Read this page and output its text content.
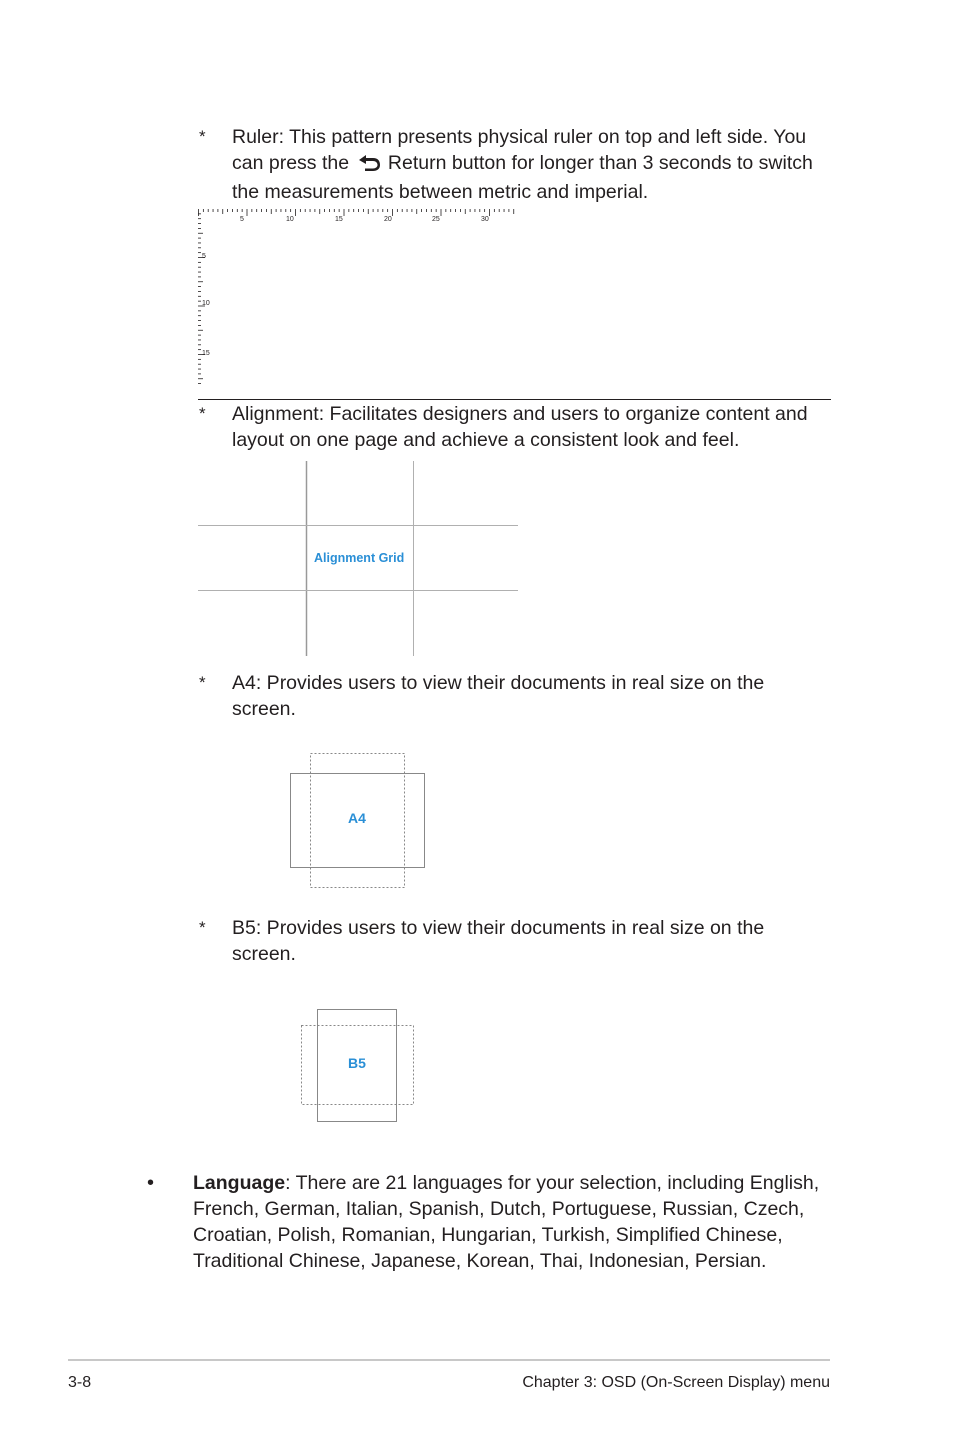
* Ruler: This pattern presents physical ruler on top and left side. You can press the Return button for longer than 3 seconds to switch the measurements between metric and imperial.
5	10	15	20	25	30
5
10
15
* Alignment: Facilitates designers and users to organize content and layout on one page and achieve a consistent look and feel.
Alignment Grid
* A4: Provides users to view their documents in real size on the screen.
A4
* B5: Provides users to view their documents in real size on the screen.
B5
• Language: There are 21 languages for your selection, including English, French, German, Italian, Spanish, Dutch, Portuguese, Russian, Czech, Croatian, Polish, Romanian, Hungarian, Turkish, Simplified Chinese, Traditional Chinese, Japanese, Korean, Thai, Indonesian, Persian.
3-8	Chapter 3: OSD (On-Screen Display) menu
